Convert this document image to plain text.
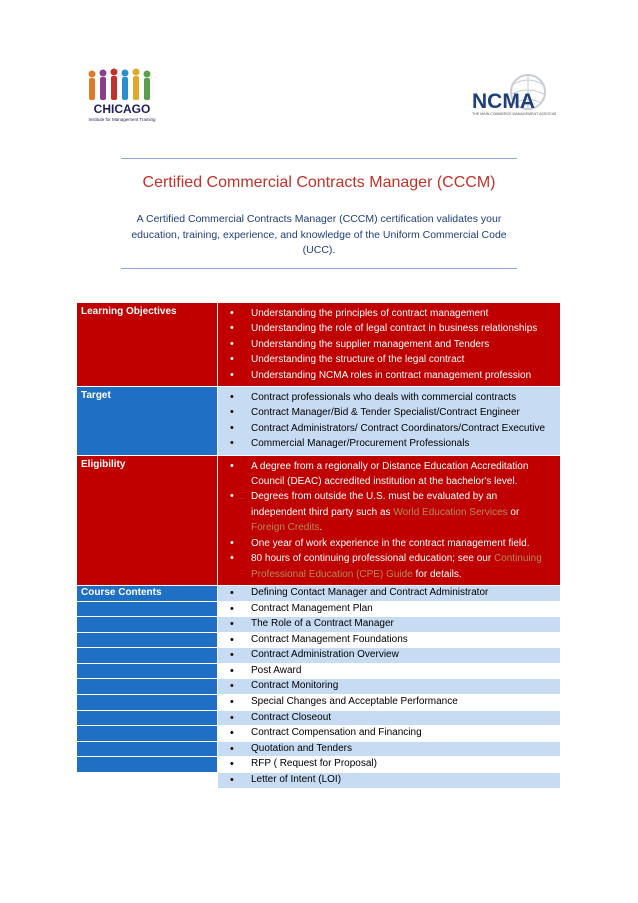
CHICAGO
Institute for Management Training
NCMA
THE MAIN COMMERCE MANAGEMENT ASSOCIATION
Certified Commercial Contracts Manager (CCCM)
A Certified Commercial Contracts Manager (CCCM) certification validates your education, training, experience, and knowledge of the Uniform Commercial Code (UCC).
Learning Objectives	• Understanding the principles of contract management
• Understanding the role of legal contract in business relationships
• Understanding the supplier management and Tenders
• Understanding the structure of the legal contract
• Understanding NCMA roles in contract management profession
Target	• Contract professionals who deals with commercial contracts
• Contract Manager/Bid & Tender Specialist/Contract Engineer
• Contract Administrators/ Contract Coordinators/Contract Executive
• Commercial Manager/Procurement Professionals
Eligibility	• A degree from a regionally or Distance Education Accreditation Council (DEAC) accredited institution at the bachelor's level.
• Degrees from outside the U.S. must be evaluated by an independent third party such as World Education Services or Foreign Credits.
• One year of work experience in the contract management field.
• 80 hours of continuing professional education; see our Continuing Professional Education (CPE) Guide for details.
Course Contents	• Defining Contact Manager and Contract Administrator
• Contract Management Plan
• The Role of a Contract Manager
• Contract Management Foundations
• Contract Administration Overview
• Post Award
• Contract Monitoring
• Special Changes and Acceptable Performance
• Contract Closeout
• Contract Compensation and Financing
• Quotation and Tenders
• RFP ( Request for Proposal)
• Letter of Intent (LOI)
